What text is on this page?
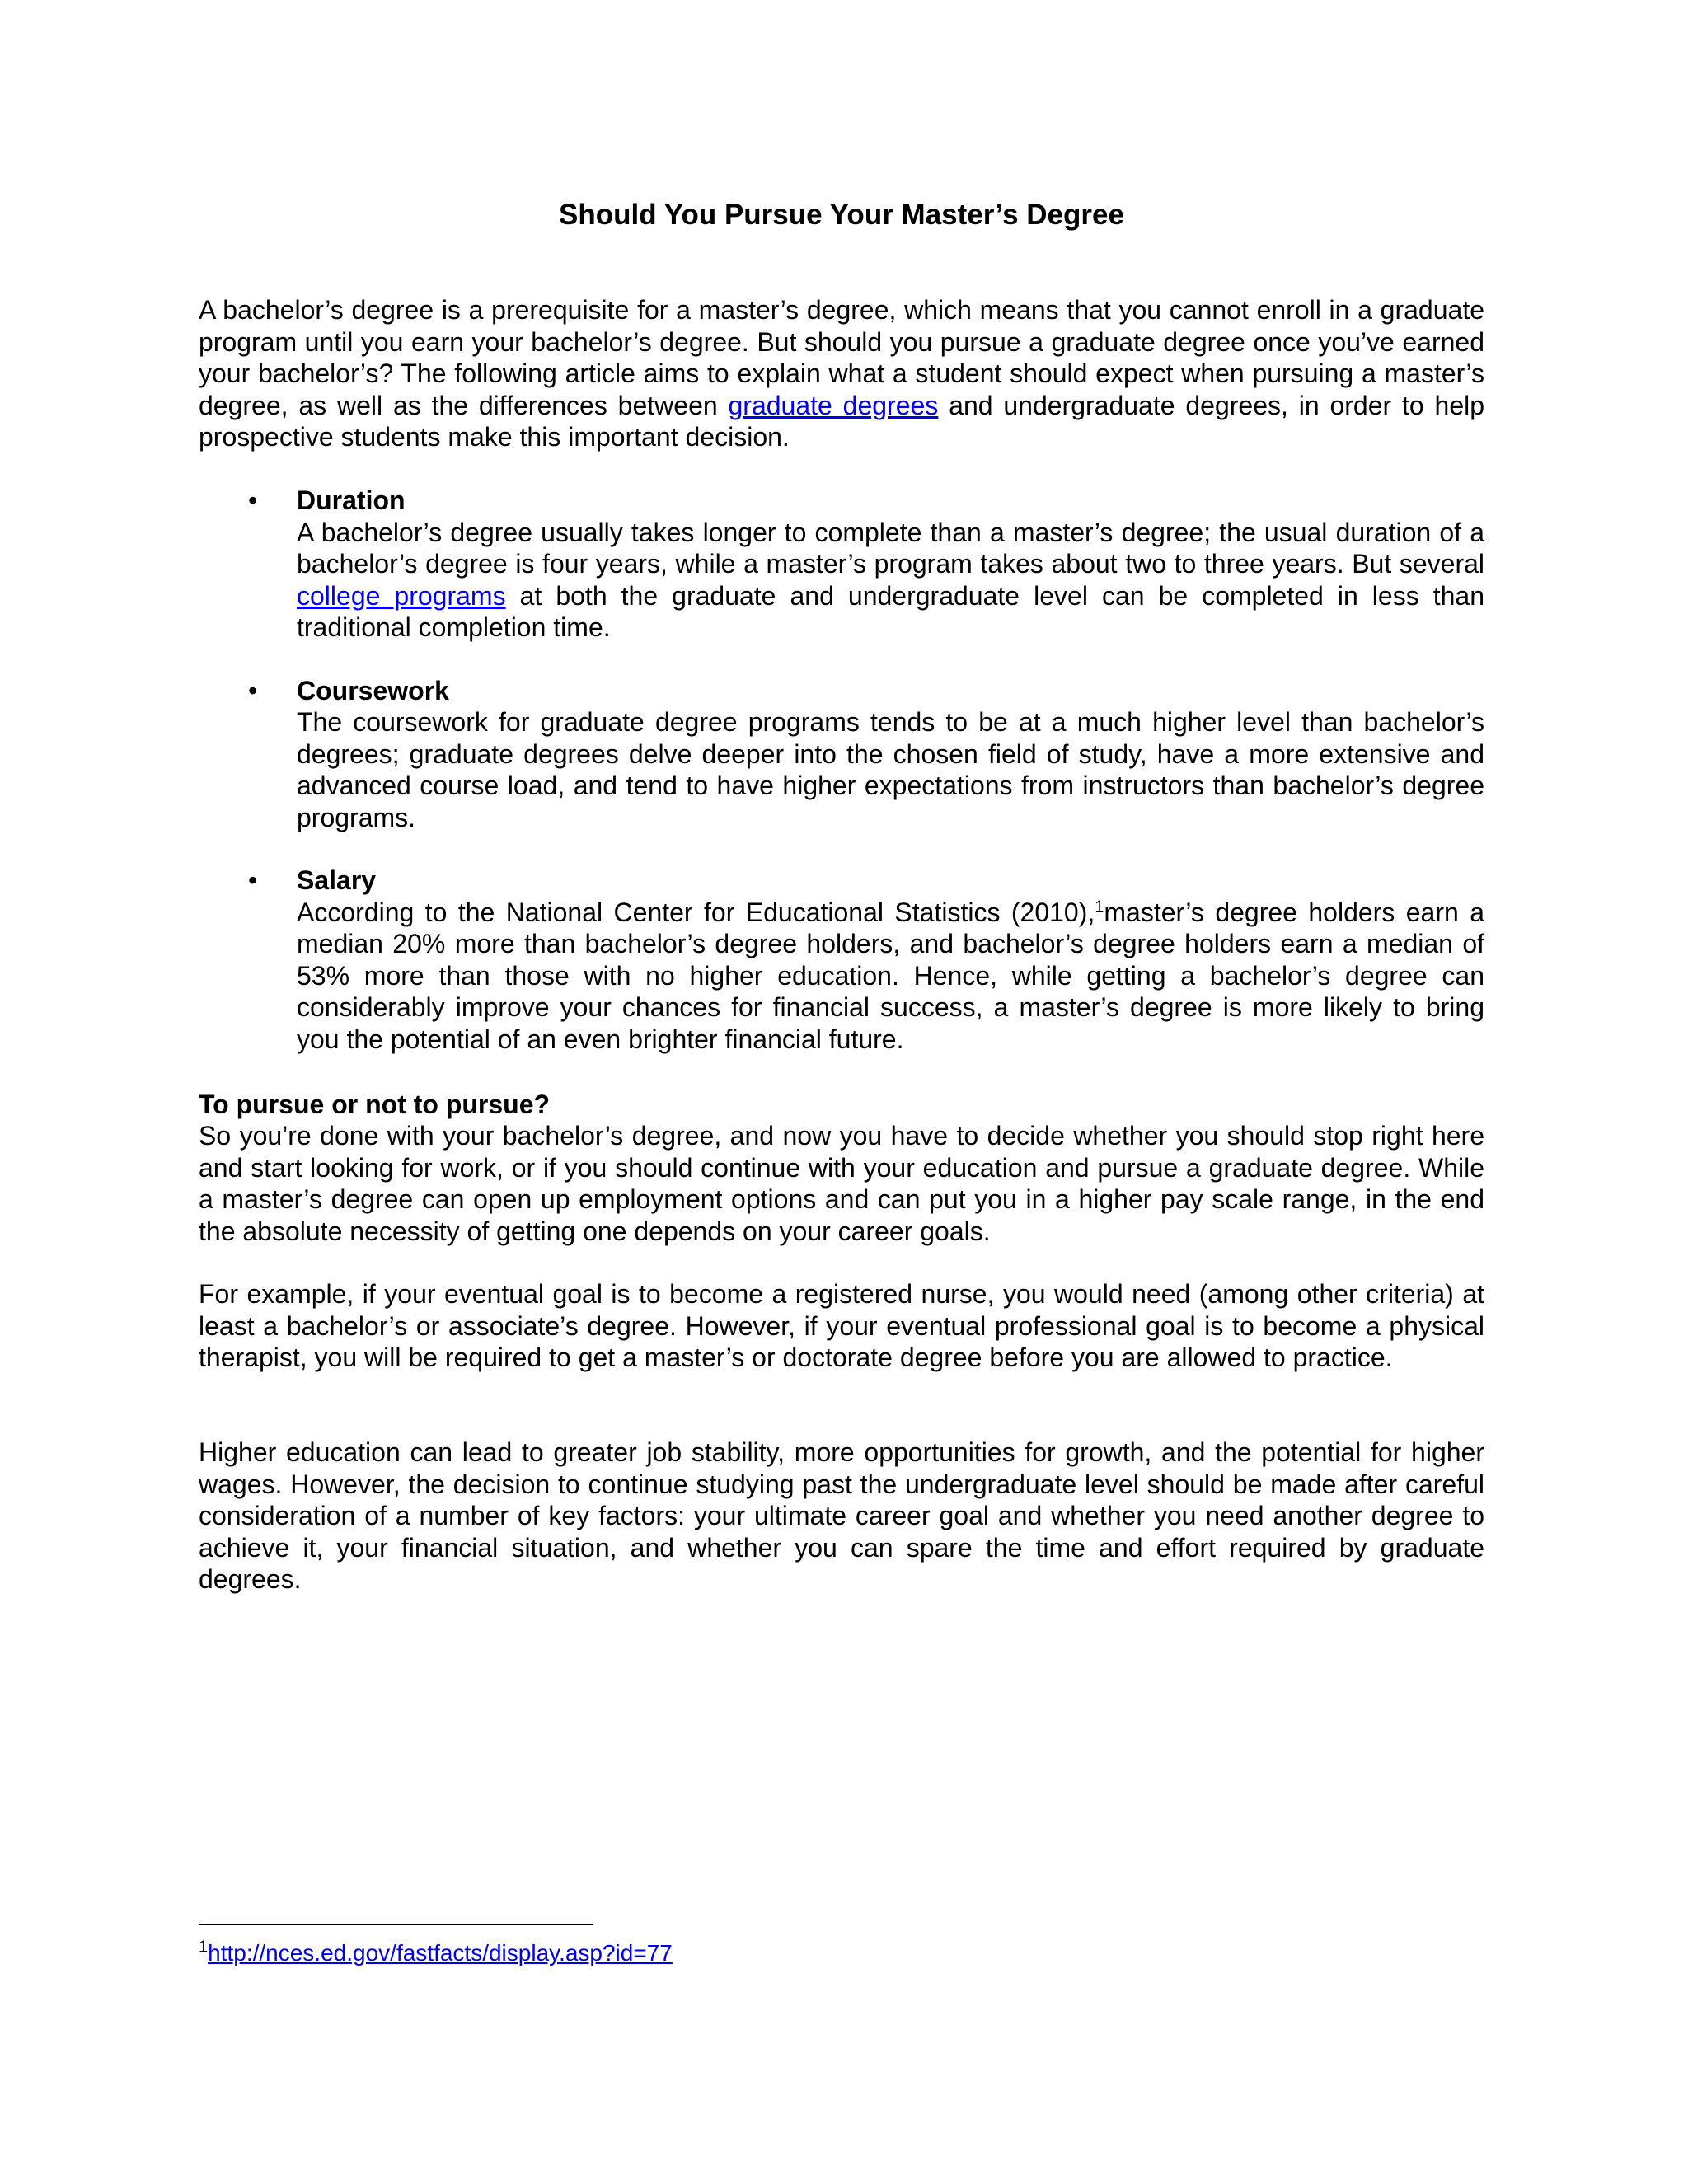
Should You Pursue Your Master’s Degree

A bachelor’s degree is a prerequisite for a master’s degree, which means that you cannot enroll in a graduate program until you earn your bachelor’s degree. But should you pursue a graduate degree once you’ve earned your bachelor’s? The following article aims to explain what a student should expect when pursuing a master’s degree, as well as the differences between graduate degrees and undergraduate degrees, in order to help prospective students make this important decision.

• Duration

A bachelor’s degree usually takes longer to complete than a master’s degree; the usual duration of a bachelor’s degree is four years, while a master’s program takes about two to three years. But several college programs at both the graduate and undergraduate level can be completed in less than traditional completion time.

• Coursework

The coursework for graduate degree programs tends to be at a much higher level than bachelor’s degrees; graduate degrees delve deeper into the chosen field of study, have a more extensive and advanced course load, and tend to have higher expectations from instructors than bachelor’s degree programs.

• Salary

According to the National Center for Educational Statistics (2010),$^1$master’s degree holders earn a median 20% more than bachelor’s degree holders, and bachelor’s degree holders earn a median of 53% more than those with no higher education. Hence, while getting a bachelor’s degree can considerably improve your chances for financial success, a master’s degree is more likely to bring you the potential of an even brighter financial future.

To pursue or not to pursue?

So you’re done with your bachelor’s degree, and now you have to decide whether you should stop right here and start looking for work, or if you should continue with your education and pursue a graduate degree. While a master’s degree can open up employment options and can put you in a higher pay scale range, in the end the absolute necessity of getting one depends on your career goals.

For example, if your eventual goal is to become a registered nurse, you would need (among other criteria) at least a bachelor’s or associate’s degree. However, if your eventual professional goal is to become a physical therapist, you will be required to get a master’s or doctorate degree before you are allowed to practice.

Higher education can lead to greater job stability, more opportunities for growth, and the potential for higher wages. However, the decision to continue studying past the undergraduate level should be made after careful consideration of a number of key factors: your ultimate career goal and whether you need another degree to achieve it, your financial situation, and whether you can spare the time and effort required by graduate degrees.

$^1$http://nces.ed.gov/fastfacts/display.asp?id=77
